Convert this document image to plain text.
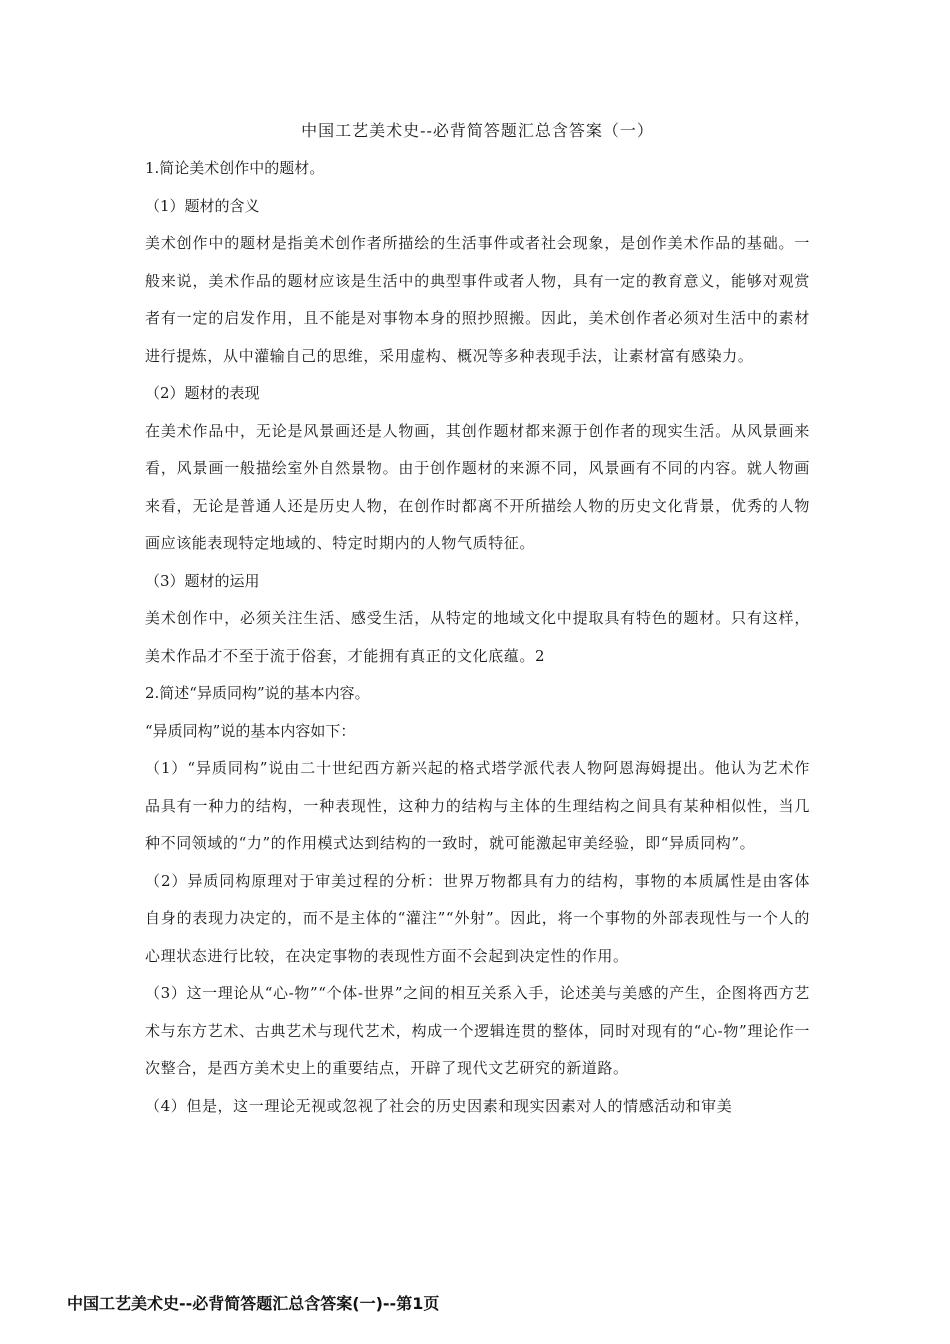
中国工艺美术史--必背简答题汇总含答案（一）

1.简论美术创作中的题材。

（1）题材的含义

美术创作中的题材是指美术创作者所描绘的生活事件或者社会现象，是创作美术作品的基础。一般来说，美术作品的题材应该是生活中的典型事件或者人物，具有一定的教育意义，能够对观赏者有一定的启发作用，且不能是对事物本身的照抄照搬。因此，美术创作者必须对生活中的素材进行提炼，从中灌输自己的思维，采用虚构、概况等多种表现手法，让素材富有感染力。

（2）题材的表现

在美术作品中，无论是风景画还是人物画，其创作题材都来源于创作者的现实生活。从风景画来看，风景画一般描绘室外自然景物。由于创作题材的来源不同，风景画有不同的内容。就人物画来看，无论是普通人还是历史人物，在创作时都离不开所描绘人物的历史文化背景，优秀的人物画应该能表现特定地域的、特定时期内的人物气质特征。

（3）题材的运用

美术创作中，必须关注生活、感受生活，从特定的地域文化中提取具有特色的题材。只有这样，美术作品才不至于流于俗套，才能拥有真正的文化底蕴。2

2.简述“异质同构”说的基本内容。

“异质同构”说的基本内容如下：

（1）“异质同构”说由二十世纪西方新兴起的格式塔学派代表人物阿恩海姆提出。他认为艺术作品具有一种力的结构，一种表现性，这种力的结构与主体的生理结构之间具有某种相似性，当几种不同领域的“力”的作用模式达到结构的一致时，就可能激起审美经验，即“异质同构”。

（2）异质同构原理对于审美过程的分析：世界万物都具有力的结构，事物的本质属性是由客体自身的表现力决定的，而不是主体的“灌注”“外射”。因此，将一个事物的外部表现性与一个人的心理状态进行比较，在决定事物的表现性方面不会起到决定性的作用。

（3）这一理论从“心-物”“个体-世界”之间的相互关系入手，论述美与美感的产生，企图将西方艺术与东方艺术、古典艺术与现代艺术，构成一个逻辑连贯的整体，同时对现有的“心-物”理论作一次整合，是西方美术史上的重要结点，开辟了现代文艺研究的新道路。

（4）但是，这一理论无视或忽视了社会的历史因素和现实因素对人的情感活动和审美

中国工艺美术史--必背简答题汇总含答案(一)--第1页
